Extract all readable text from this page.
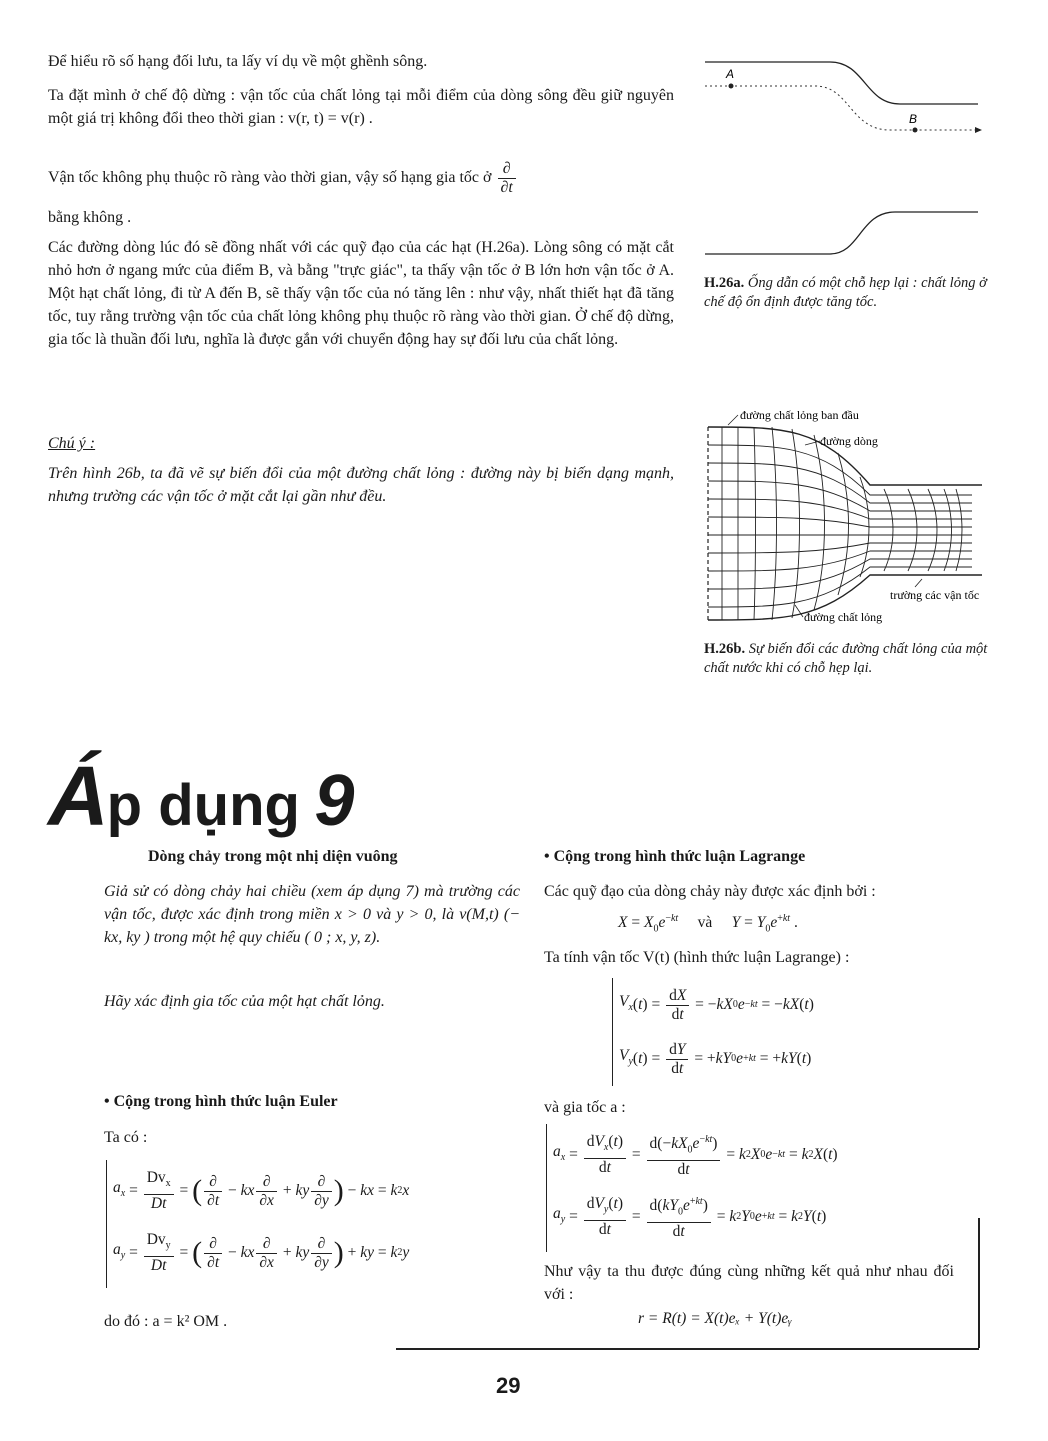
Để hiểu rõ số hạng đối lưu, ta lấy ví dụ về một ghềnh sông.

Ta đặt mình ở chế độ dừng : vận tốc của chất lỏng tại mỗi điểm của dòng sông đều giữ nguyên một giá trị không đổi theo thời gian : v(r, t) = v(r) .

Vận tốc không phụ thuộc rõ ràng vào thời gian, vậy số hạng gia tốc ở $\frac{\partial}{\partial t}$

bằng không .

Các đường dòng lúc đó sẽ đồng nhất với các quỹ đạo của các hạt (H.26a). Lòng sông có mặt cắt nhỏ hơn ở ngang mức của điểm B, và bằng "trực giác", ta thấy vận tốc ở B lớn hơn vận tốc ở A. Một hạt chất lỏng, đi từ A đến B, sẽ thấy vận tốc của nó tăng lên : như vậy, nhất thiết hạt đã tăng tốc, tuy rằng trường vận tốc của chất lỏng không phụ thuộc rõ ràng vào thời gian. Ở chế độ dừng, gia tốc là thuần đối lưu, nghĩa là được gắn với chuyển động hay sự đối lưu của chất lỏng.

Chú ý :

Trên hình 26b, ta đã vẽ sự biến đổi của một đường chất lỏng : đường này bị biến dạng mạnh, nhưng trường các vận tốc ở mặt cắt lại gần như đều.

A
B
H.26a. Ống dẫn có một chỗ hẹp lại : chất lỏng ở chế độ ổn định được tăng tốc.
đường chất lỏng ban đầu
đường dòng
trường các vận tốc
đường chất lỏng
H.26b. Sự biến đổi các đường chất lỏng của một chất nước khi có chỗ hẹp lại.
Áp dụng 9
Dòng chảy trong một nhị diện vuông

Giả sử có dòng chảy hai chiều (xem áp dụng 7) mà trường các vận tốc, được xác định trong miền x > 0 và y > 0, là v(M,t) (− kx, ky ) trong một hệ quy chiếu ( 0 ; x, y, z).

Hãy xác định gia tốc của một hạt chất lỏng.

• Cộng trong hình thức luận Euler
Ta có :
$a_x = \frac{Dv_x}{Dt}$ = ( $\frac{\partial}{\partial t}$ − kx $\frac{\partial}{\partial x}$ + ky $\frac{\partial}{\partial y}$ ) − kx = k 2 x
$a_y = \frac{Dv_y}{Dt}$ = ( $\frac{\partial}{\partial t}$ − kx $\frac{\partial}{\partial x}$ + ky $\frac{\partial}{\partial y}$ ) + ky = k 2 y
do đó : a = k² OM .
• Cộng trong hình thức luận Lagrange
Các quỹ đạo của dòng chảy này được xác định bởi :
$X = X_0e^{-kt}$     và     $Y = Y_0e^{+kt}$ .
Ta tính vận tốc V(t) (hình thức luận Lagrange) :
$V_x$ ( t ) = $\frac{dX}{dt}$ = − kX 0 e −kt = − kX ( t )
$V_y$ ( t ) = $\frac{dY}{dt}$ = + kY 0 e +kt = + kY ( t )
và gia tốc a :
$a_x = \frac{dV_x(t)}{dt} = \frac{d(-kX_0e^{-kt})}{dt} = k$ 2 X 0 e −kt = k 2 X ( t )
$a_y = \frac{dV_y(t)}{dt} = \frac{d(kY_0e^{+kt})}{dt} = k$ 2 Y 0 e +kt = k 2 Y ( t )

Như vậy ta thu được đúng cùng những kết quả như nhau đối với :

r = R(t) = X(t)eₓ + Y(t)eᵧ
29
